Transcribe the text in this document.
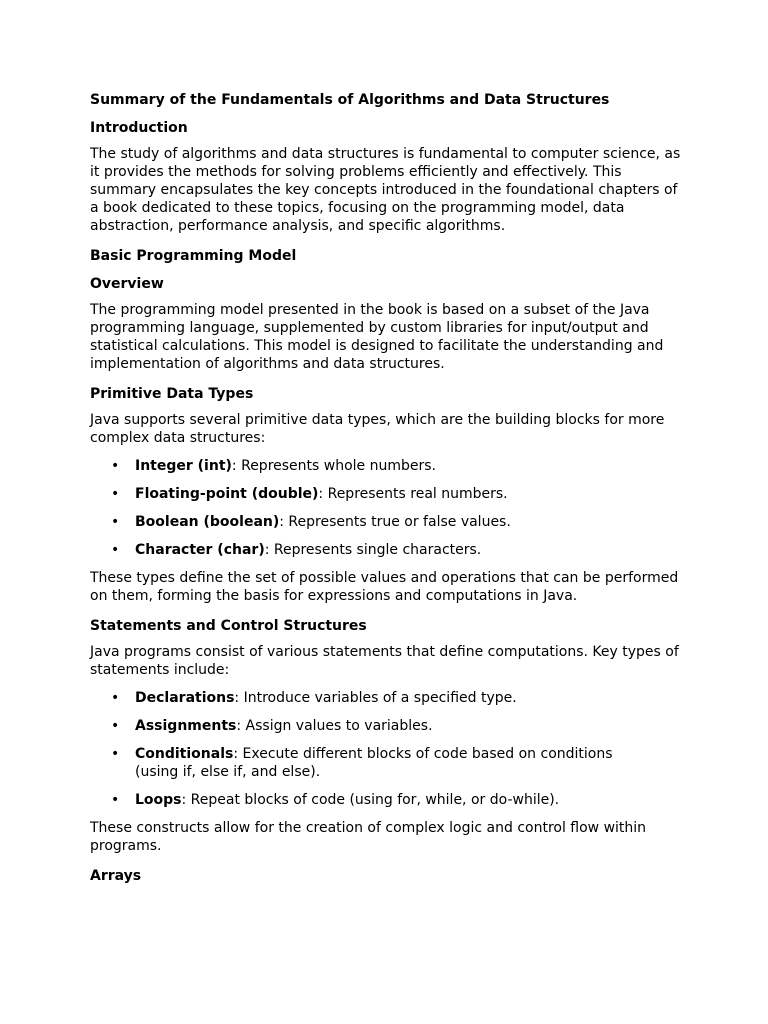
Summary of the Fundamentals of Algorithms and Data Structures
Introduction

The study of algorithms and data structures is fundamental to computer science, as it provides the methods for solving problems efficiently and effectively. This summary encapsulates the key concepts introduced in the foundational chapters of a book dedicated to these topics, focusing on the programming model, data abstraction, performance analysis, and specific algorithms.

Basic Programming Model
Overview

The programming model presented in the book is based on a subset of the Java programming language, supplemented by custom libraries for input/output and statistical calculations. This model is designed to facilitate the understanding and implementation of algorithms and data structures.

Primitive Data Types

Java supports several primitive data types, which are the building blocks for more complex data structures:

• Integer (int): Represents whole numbers.
• Floating-point (double): Represents real numbers.
• Boolean (boolean): Represents true or false values.
• Character (char): Represents single characters.

These types define the set of possible values and operations that can be performed on them, forming the basis for expressions and computations in Java.

Statements and Control Structures

Java programs consist of various statements that define computations. Key types of statements include:

• Declarations: Introduce variables of a specified type.
• Assignments: Assign values to variables.
• Conditionals: Execute different blocks of code based on conditions (using if, else if, and else).
• Loops: Repeat blocks of code (using for, while, or do-while).

These constructs allow for the creation of complex logic and control flow within programs.

Arrays
